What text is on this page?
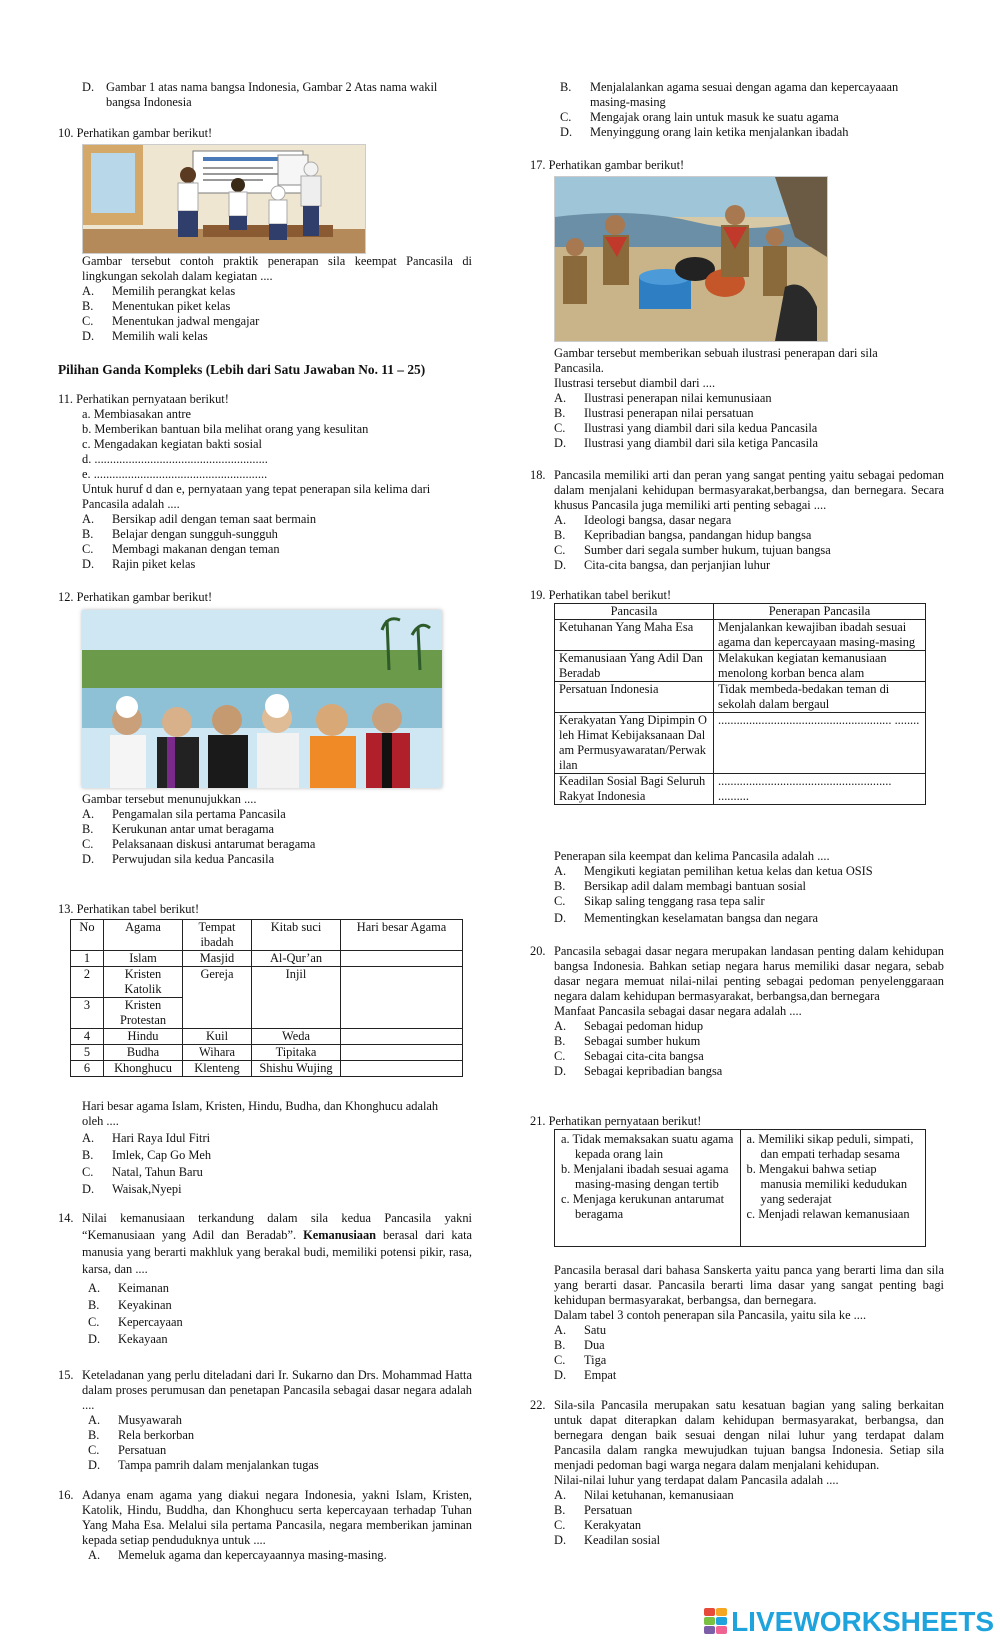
D. Gambar 1 atas nama bangsa Indonesia, Gambar 2 Atas nama wakil
bangsa Indonesia

10. Perhatikan gambar berikut!

Gambar tersebut contoh praktik penerapan sila keempat Pancasila di lingkungan sekolah dalam kegiatan ....

A.	Memilih perangkat kelas
B.	Menentukan piket kelas
C.	Menentukan jadwal mengajar
D.	Memilih wali kelas

Pilihan Ganda Kompleks (Lebih dari Satu Jawaban No. 11 – 25)

11. Perhatikan pernyataan berikut!

a. Membiasakan antre
b. Memberikan bantuan bila melihat orang yang kesulitan
c. Mengadakan kegiatan bakti sosial
d. ........................................................
e. ........................................................
Untuk huruf d dan e, pernyataan yang tepat penerapan sila kelima dari
Pancasila adalah ....
A.	Bersikap adil dengan teman saat bermain
B.	Belajar dengan sungguh-sungguh
C.	Membagi makanan dengan teman
D.	Rajin piket kelas

12. Perhatikan gambar berikut!

Gambar tersebut menunujukkan ....

A.	Pengamalan sila pertama Pancasila
B.	Kerukunan antar umat beragama
C.	Pelaksanaan diskusi antarumat beragama
D.	Perwujudan sila kedua Pancasila

13. Perhatikan tabel berikut!

No	Agama	Tempat ibadah	Kitab suci	Hari besar Agama
1	Islam	Masjid	Al-Qur’an	
2	Kristen Katolik	Gereja	Injil	
3	Kristen Protestan			
4	Hindu	Kuil	Weda	
5	Budha	Wihara	Tipitaka	
6	Khonghucu	Klenteng	Shishu Wujing	
Hari besar agama Islam, Kristen, Hindu, Budha, dan Khonghucu adalah
oleh ....
A.	Hari Raya Idul Fitri
B.	Imlek, Cap Go Meh
C.	Natal, Tahun Baru
D.	Waisak,Nyepi
14. Nilai kemanusiaan terkandung dalam sila kedua Pancasila yakni “Kemanusiaan yang Adil dan Beradab”. Kemanusiaan berasal dari kata manusia yang berarti makhluk yang berakal budi, memiliki potensi pikir, rasa, karsa, dan ....

A.	Keimanan
B.	Keyakinan
C.	Kepercayaan
D.	Kekayaan
15. Keteladanan yang perlu diteladani dari Ir. Sukarno dan Drs. Mohammad Hatta dalam proses perumusan dan penetapan Pancasila sebagai dasar negara adalah ....

A.	Musyawarah
B.	Rela berkorban
C.	Persatuan
D.	Tampa pamrih dalam menjalankan tugas
16. Adanya enam agama yang diakui negara Indonesia, yakni Islam, Kristen, Katolik, Hindu, Buddha, dan Khonghucu serta kepercayaan terhadap Tuhan Yang Maha Esa. Melalui sila pertama Pancasila, negara memberikan jaminan kepada setiap penduduknya untuk ....

A.	Memeluk agama dan kepercayaannya masing-masing.
B.	Menjalalankan agama sesuai dengan agama dan kepercayaaan
masing-masing
C.	Mengajak orang lain untuk masuk ke suatu agama
D.	Menyinggung orang lain ketika menjalankan ibadah

17. Perhatikan gambar berikut!

Gambar tersebut memberikan sebuah ilustrasi penerapan dari sila

Pancasila.

Ilustrasi tersebut diambil dari ....

A.	Ilustrasi penerapan nilai kemunusiaan
B.	Ilustrasi penerapan nilai persatuan
C.	Ilustrasi yang diambil dari sila kedua Pancasila
D.	Ilustrasi yang diambil dari sila ketiga Pancasila
18. Pancasila memiliki arti dan peran yang sangat penting yaitu sebagai pedoman dalam menjalani kehidupan bermasyarakat,berbangsa, dan bernegara. Secara khusus Pancasila juga memiliki arti penting sebagai ....

A.	Ideologi bangsa, dasar negara
B.	Kepribadian bangsa, pandangan hidup bangsa
C.	Sumber dari segala sumber hukum, tujuan bangsa
D.	Cita-cita bangsa, dan perjanjian luhur

19. Perhatikan tabel berikut!

Pancasila	Penerapan Pancasila
Ketuhanan Yang Maha Esa	Menjalankan kewajiban ibadah sesuai agama dan kepercayaan masing-masing
Kemanusiaan Yang Adil Dan Beradab	Melakukan kegiatan kemanusiaan menolong korban benca alam
Persatuan Indonesia	Tidak membeda-bedakan teman di sekolah dalam bergaul
Kerakyatan Yang Dipimpin Oleh Himat Kebijaksanaan Dalam Permusyawaratan/Perwakilan	........................................................ ........
Keadilan Sosial Bagi Seluruh Rakyat Indonesia	........................................................ ..........

Penerapan sila keempat dan kelima Pancasila adalah ....

A.	Mengikuti kegiatan pemilihan ketua kelas dan ketua OSIS
B.	Bersikap adil dalam membagi bantuan sosial
C.	Sikap saling tenggang rasa tepa salir
D.	Mementingkan keselamatan bangsa dan negara
20. Pancasila sebagai dasar negara merupakan landasan penting dalam kehidupan bangsa Indonesia. Bahkan setiap negara harus memiliki dasar negara, sebab dasar negara memuat nilai-nilai penting sebagai pedoman penyelenggaraan negara dalam kehidupan bermasyarakat, berbangsa,dan bernegara

Manfaat Pancasila sebagai dasar negara adalah ....

A.	Sebagai pedoman hidup
B.	Sebagai sumber hukum
C.	Sebagai cita-cita bangsa
D.	Sebagai kepribadian bangsa

21. Perhatikan pernyataan berikut!

a. Tidak memaksakan suatu agama kepada orang lain
b. Menjalani ibadah sesuai agama masing-masing dengan tertib
c. Menjaga kerukunan antarumat beragama

a. Memiliki sikap peduli, simpati, dan empati terhadap sesama
b. Mengakui bahwa setiap manusia memiliki kedudukan yang sederajat
c. Menjadi relawan kemanusiaan

Pancasila berasal dari bahasa Sanskerta yaitu panca yang berarti lima dan sila yang berarti dasar. Pancasila berarti lima dasar yang sangat penting bagi kehidupan bermasyarakat, berbangsa, dan bernegara.

Dalam tabel 3 contoh penerapan sila Pancasila, yaitu sila ke ....

A.	Satu
B.	Dua
C.	Tiga
D.	Empat
22. Sila-sila Pancasila merupakan satu kesatuan bagian yang saling berkaitan untuk dapat diterapkan dalam kehidupan bermasyarakat, berbangsa, dan bernegara dengan baik sesuai dengan nilai luhur yang terdapat dalam Pancasila dalam rangka mewujudkan tujuan bangsa Indonesia. Setiap sila menjadi pedoman bagi warga negara dalam menjalani kehidupan.

Nilai-nilai luhur yang terdapat dalam Pancasila adalah ....

A.	Nilai ketuhanan, kemanusiaan
B.	Persatuan
C.	Kerakyatan
D.	Keadilan sosial
LIVEWORKSHEETS
